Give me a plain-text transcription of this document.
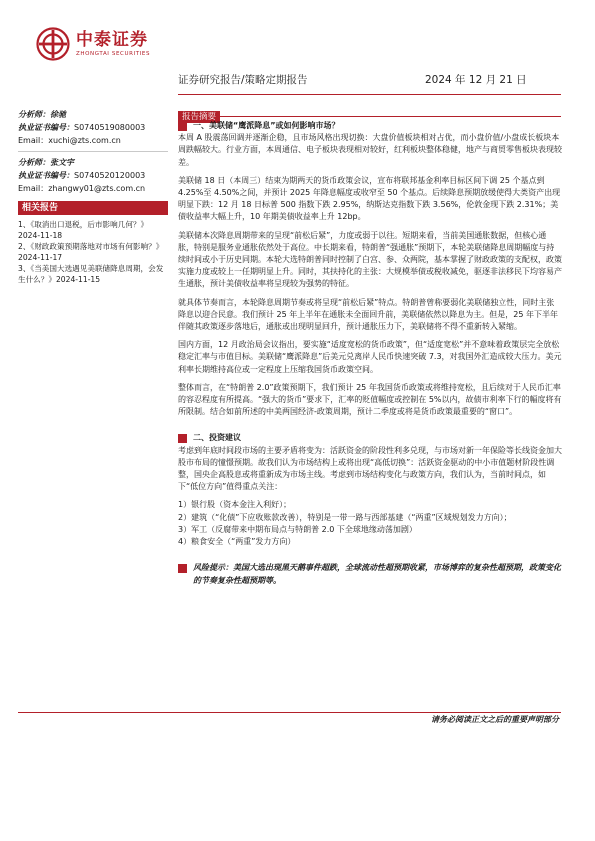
中泰证券
ZHONGTAI SECURITIES
证券研究报告/策略定期报告	2024 年 12 月 21 日
分析师：徐驰
执业证书编号：S0740519080003
Email：xuchi@zts.com.cn
分析师：张文宇
执业证书编号：S0740520120003
Email：zhangwy01@zts.com.cn
相关报告
1、《取消出口退税，后市影响几何？》
2024-11-18
2、《财政政策预期落地对市场有何影响？》
2024-11-17
3、《当美国大选遇见美联储降息周期，会发生什么？》2024-11-15
报告摘要
一、美联储“鹰派降息”或如何影响市场？

本周 A 股震荡回调并逐渐企稳，且市场风格出现切换：大盘价值板块相对占优，而小盘价值/小盘成长板块本周跌幅较大。行业方面，本周通信、电子板块表现相对较好，红利板块整体稳健，地产与商贸零售板块表现较差。

美联储 18 日（本周三）结束为期两天的货币政策会议，宣布将联邦基金利率目标区间下调 25 个基点到 4.25%至 4.50%之间，并预计 2025 年降息幅度或收窄至 50 个基点。后续降息预期放缓使得大类资产出现明显下跌：12 月 18 日标普 500 指数下跌 2.95%，纳斯达克指数下跌 3.56%，伦敦金现下跌 2.31%；美债收益率大幅上升，10 年期美债收益率上升 12bp。

美联储本次降息周期带来的呈现“前松后紧”，力度或弱于以往。短期来看，当前美国通胀数据，但核心通胀，特别是服务业通胀依然处于高位。中长期来看，特朗普“强通胀”预期下，本轮美联储降息周期幅度与持续时间或小于历史同期。本轮大选特朗普同时控制了白宫、参、众两院，基本掌握了财政政策的支配权，政策实施力度或较上一任期明显上升。同时，其扶持化的主张：大规模举债或税收减免，驱逐非法移民下均容易产生通胀，预计美债收益率将呈现较为强势的特征。

就具体节奏而言，本轮降息周期节奏或将呈现“前松后紧”特点。特朗普曾称要弱化美联储独立性，同时主张降息以迎合民意。我们预计 25 年上半年在通胀未全面回升前，美联储依然以降息为主。但是，25 年下半年伴随其政策逐步落地后，通胀或出现明显回升，预计通胀压力下，美联储将不得不重新转入紧缩。

国内方面，12 月政治局会议指出，要实施“适度宽松的货币政策”，但“适度宽松”并不意味着政策层完全放松稳定汇率与市值目标。美联储“鹰派降息”后美元兑离岸人民币快速突破 7.3，对我国外汇造成较大压力。美元利率长期维持高位或一定程度上压缩我国货币政策空间。

整体而言，在“特朗普 2.0”政策预期下，我们预计 25 年我国货币政策或将维持宽松，且后续对于人民币汇率的容忍程度有所提高。“强大的货币”要求下，汇率的贬值幅度或控制在 5%以内，故债市利率下行的幅度将有所限制。结合如前所述的中美两国经济-政策周期，预计二季度或将是货币政策最重要的“窗口”。

二、投资建议

考虑到年底时间段市场的主要矛盾将变为：活跃资金的阶段性利多兑现，与市场对新一年保险等长线资金加大股市布局的憧憬预期。故我们认为市场结构上或将出现“高低切换”：活跃资金驱动的中小市值题材阶段性调整，国央企高股息或将重新成为市场主线。考虑到市场结构变化与政策方向，我们认为，当前时间点，如下“低位方向”值得重点关注：

1）银行股（资本金注入利好）；

2）建筑（“化债”下应收账款改善），特别是一带一路与西部基建（“两重”区域规划发力方向）；

3）军工（反腐带来中期布局点与特朗普 2.0 下全球地缘动荡加剧）

4）粮食安全（“两重”发力方向）

风险提示：美国大选出现黑天鹅事件超跌，全球流动性超预期收紧，市场博弈的复杂性超预期，政策变化的节奏复杂性超预期等。
请务必阅读正文之后的重要声明部分
